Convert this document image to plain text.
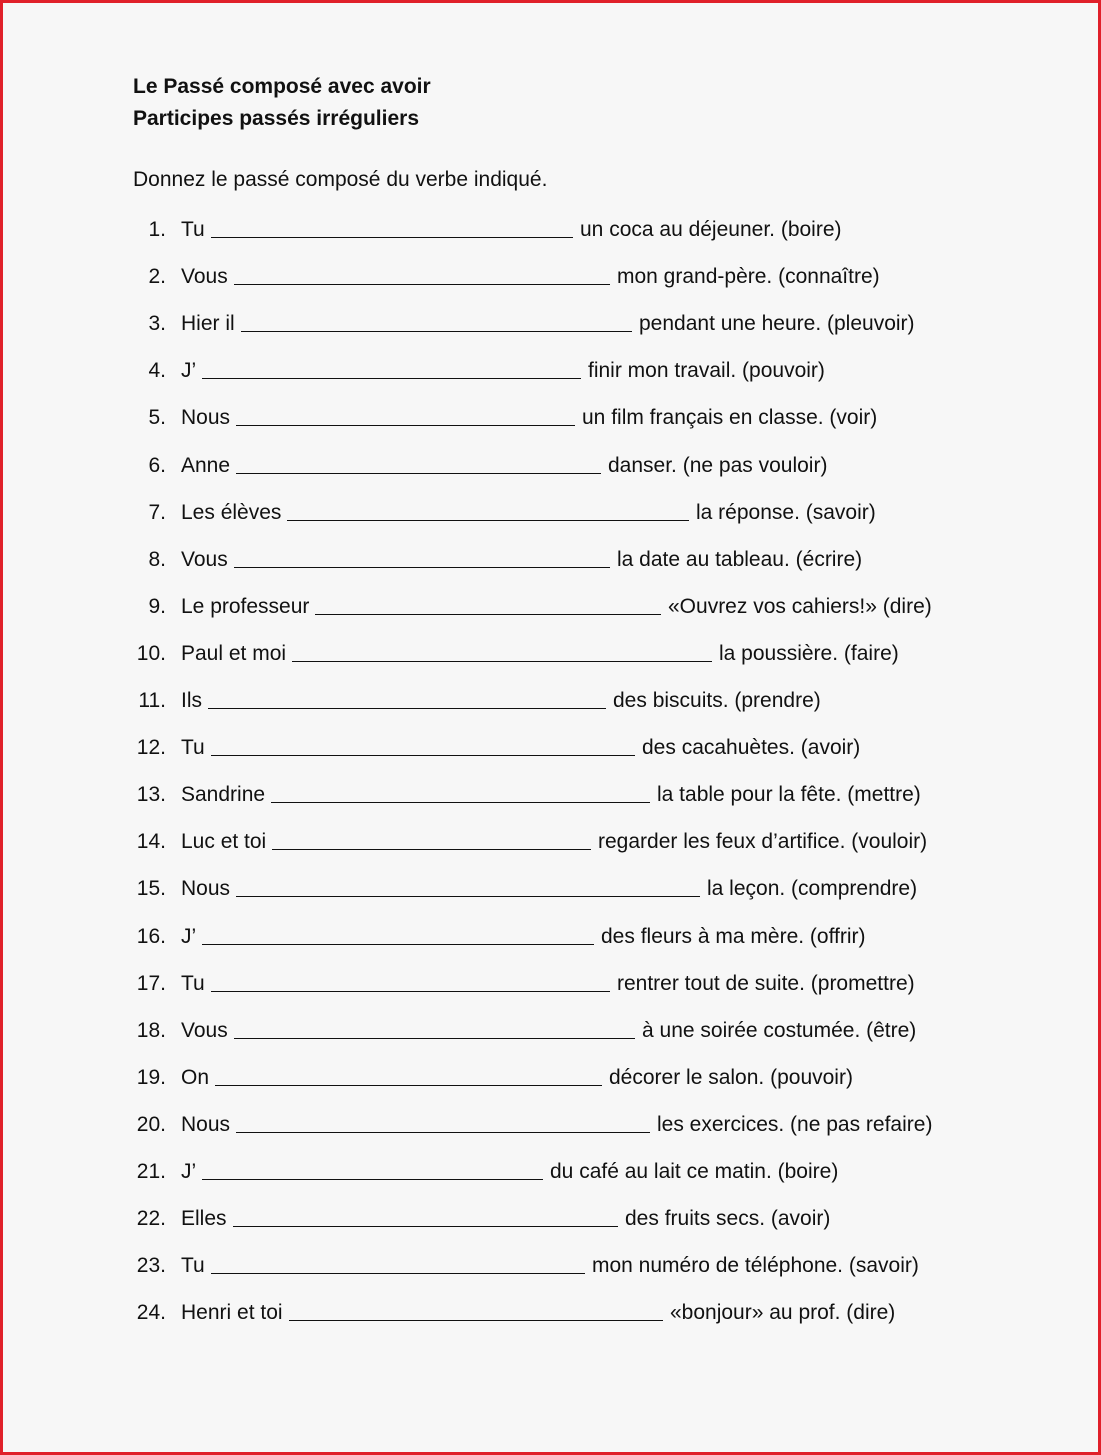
Le Passé composé avec avoir
Participes passés irréguliers
Donnez le passé composé du verbe indiqué.
1. Tu	un coca au déjeuner. (boire)
2. Vous	mon grand-père. (connaître)
3. Hier il	pendant une heure. (pleuvoir)
4. J’	finir mon travail. (pouvoir)
5. Nous	un film français en classe. (voir)
6. Anne	danser. (ne pas vouloir)
7. Les élèves	la réponse. (savoir)
8. Vous	la date au tableau. (écrire)
9. Le professeur	«Ouvrez vos cahiers!» (dire)
10. Paul et moi	la poussière. (faire)
11. Ils	des biscuits. (prendre)
12. Tu	des cacahuètes. (avoir)
13. Sandrine	la table pour la fête. (mettre)
14. Luc et toi	regarder les feux d’artifice. (vouloir)
15. Nous	la leçon. (comprendre)
16. J’	des fleurs à ma mère. (offrir)
17. Tu	rentrer tout de suite. (promettre)
18. Vous	à une soirée costumée. (être)
19. On	décorer le salon. (pouvoir)
20. Nous	les exercices. (ne pas refaire)
21. J’	du café au lait ce matin. (boire)
22. Elles	des fruits secs. (avoir)
23. Tu	mon numéro de téléphone. (savoir)
24. Henri et toi	«bonjour» au prof. (dire)
